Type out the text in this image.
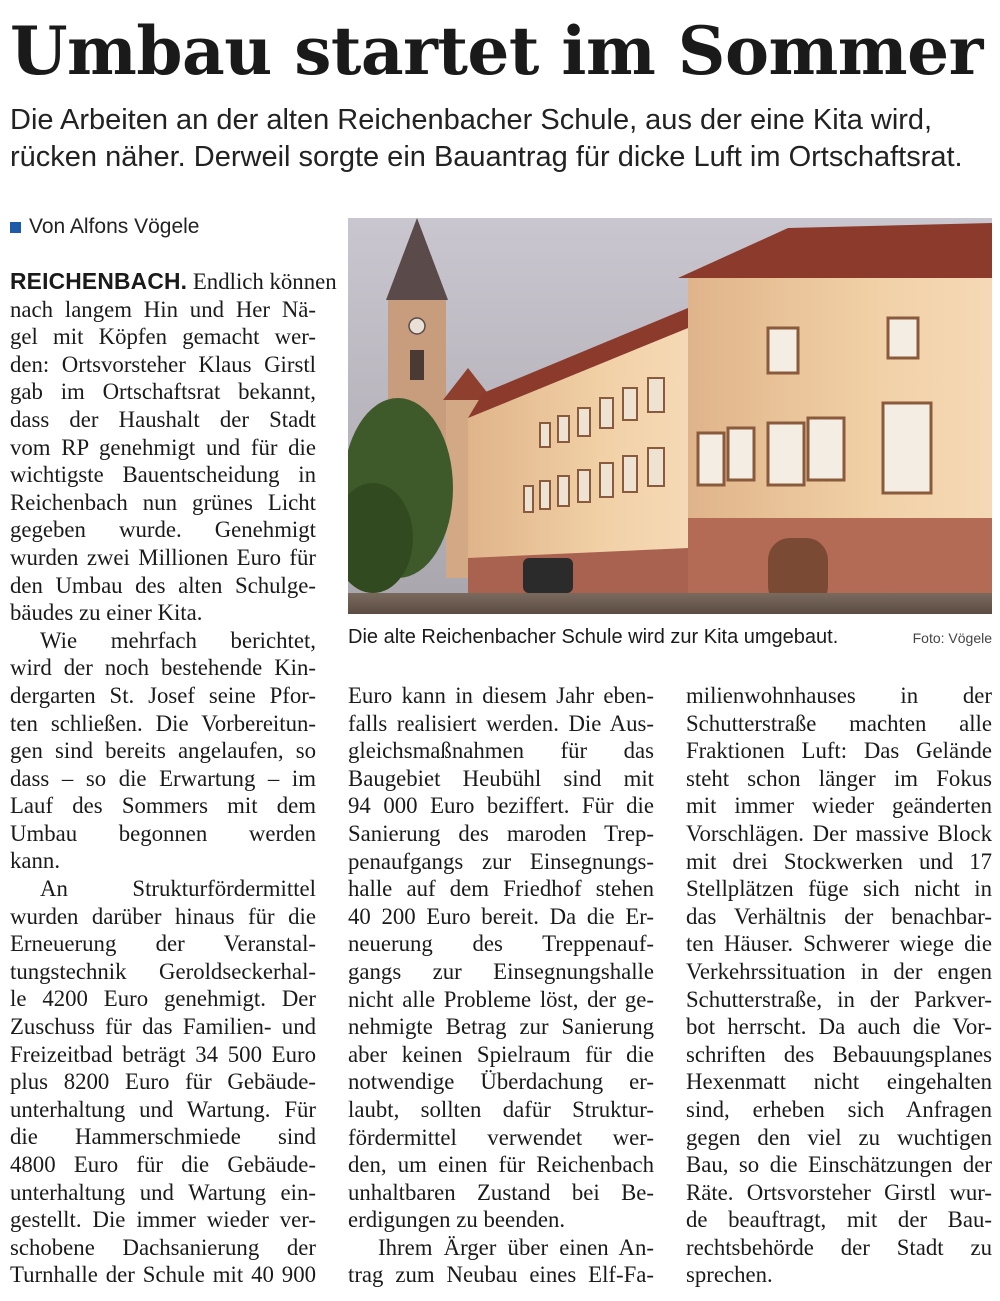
Umbau startet im Sommer
Die Arbeiten an der alten Reichenbacher Schule, aus der eine Kita wird,
rücken näher. Derweil sorgte ein Bauantrag für dicke Luft im Ortschaftsrat.
Von Alfons Vögele
REICHENBACH. Endlich können
nach langem Hin und Her Nä-
gel mit Köpfen gemacht wer-
den: Ortsvorsteher Klaus Girstl
gab im Ortschaftsrat bekannt,
dass der Haushalt der Stadt
vom RP genehmigt und für die
wichtigste Bauentscheidung in
Reichenbach nun grünes Licht
gegeben wurde. Genehmigt
wurden zwei Millionen Euro für
den Umbau des alten Schulge-
bäudes zu einer Kita.
Wie mehrfach berichtet,
wird der noch bestehende Kin-
dergarten St. Josef seine Pfor-
ten schließen. Die Vorbereitun-
gen sind bereits angelaufen, so
dass – so die Erwartung – im
Lauf des Sommers mit dem
Umbau begonnen werden
kann.
An Strukturfördermittel
wurden darüber hinaus für die
Erneuerung der Veranstal-
tungstechnik Geroldseckerhal-
le 4200 Euro genehmigt. Der
Zuschuss für das Familien- und
Freizeitbad beträgt 34 500 Euro
plus 8200 Euro für Gebäude-
unterhaltung und Wartung. Für
die Hammerschmiede sind
4800 Euro für die Gebäude-
unterhaltung und Wartung ein-
gestellt. Die immer wieder ver-
schobene Dachsanierung der
Turnhalle der Schule mit 40 900
Die alte Reichenbacher Schule wird zur Kita umgebaut.	Foto: Vögele
Euro kann in diesem Jahr eben-
falls realisiert werden. Die Aus-
gleichsmaßnahmen für das
Baugebiet Heubühl sind mit
94 000 Euro beziffert. Für die
Sanierung des maroden Trep-
penaufgangs zur Einsegnungs-
halle auf dem Friedhof stehen
40 200 Euro bereit. Da die Er-
neuerung des Treppenauf-
gangs zur Einsegnungshalle
nicht alle Probleme löst, der ge-
nehmigte Betrag zur Sanierung
aber keinen Spielraum für die
notwendige Überdachung er-
laubt, sollten dafür Struktur-
fördermittel verwendet wer-
den, um einen für Reichenbach
unhaltbaren Zustand bei Be-
erdigungen zu beenden.
Ihrem Ärger über einen An-
trag zum Neubau eines Elf-Fa-
milienwohnhauses in der
Schutterstraße machten alle
Fraktionen Luft: Das Gelände
steht schon länger im Fokus
mit immer wieder geänderten
Vorschlägen. Der massive Block
mit drei Stockwerken und 17
Stellplätzen füge sich nicht in
das Verhältnis der benachbar-
ten Häuser. Schwerer wiege die
Verkehrssituation in der engen
Schutterstraße, in der Parkver-
bot herrscht. Da auch die Vor-
schriften des Bebauungsplanes
Hexenmatt nicht eingehalten
sind, erheben sich Anfragen
gegen den viel zu wuchtigen
Bau, so die Einschätzungen der
Räte. Ortsvorsteher Girstl wur-
de beauftragt, mit der Bau-
rechtsbehörde der Stadt zu
sprechen.
